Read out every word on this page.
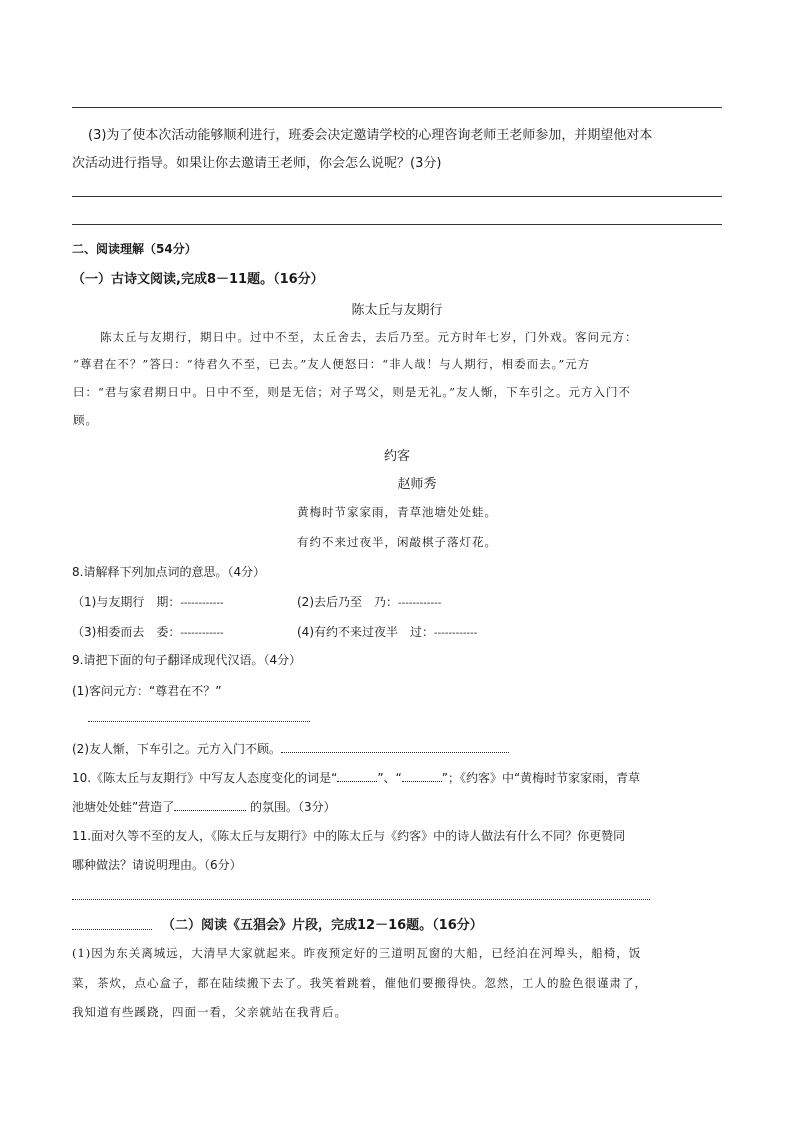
(3)为了使本次活动能够顺利进行，班委会决定邀请学校的心理咨询老师王老师参加，并期望他对本
次活动进行指导。如果让你去邀请王老师，你会怎么说呢？(3分)
二、阅读理解（54分）
（一）古诗文阅读,完成8－11题。（16分）
陈太丘与友期行
陈太丘与友期行，期日中。过中不至，太丘舍去，去后乃至。元方时年七岁，门外戏。客问元方：
“尊君在不？”答曰：“待君久不至，已去。”友人便怒曰：“非人哉！与人期行，相委而去。”元方
曰：“君与家君期日中。日中不至，则是无信；对子骂父，则是无礼。”友人惭，下车引之。元方入门不
顾。
约客
赵师秀
黄梅时节家家雨，青草池塘处处蛙。
有约不来过夜半，闲敲棋子落灯花。
8.请解释下列加点词的意思。（4分）
（1)与友期行　期：------------	(2)去后乃至　乃：------------
（3)相委而去　委：------------	(4)有约不来过夜半　过：------------
9.请把下面的句子翻译成现代汉语。（4分）
(1)客问元方：“尊君在不？”
(2)友人惭，下车引之。元方入门不顾。
10.《陈太丘与友期行》中写友人态度变化的词是“	”、“	”；《约客》中“黄梅时节家家雨，青草
池塘处处蛙”营造了	的氛围。（3分）
11.面对久等不至的友人，《陈太丘与友期行》中的陈太丘与《约客》中的诗人做法有什么不同？你更赞同
哪种做法？请说明理由。（6分）
（二）阅读《五猖会》片段，完成12－16题。（16分）
(1)因为东关离城远，大清早大家就起来。昨夜预定好的三道明瓦窗的大船，已经泊在河埠头，船椅，饭
菜，茶炊，点心盒子，都在陆续搬下去了。我笑着跳着，催他们要搬得快。忽然，工人的脸色很谨肃了，
我知道有些蹊跷，四面一看，父亲就站在我背后。
